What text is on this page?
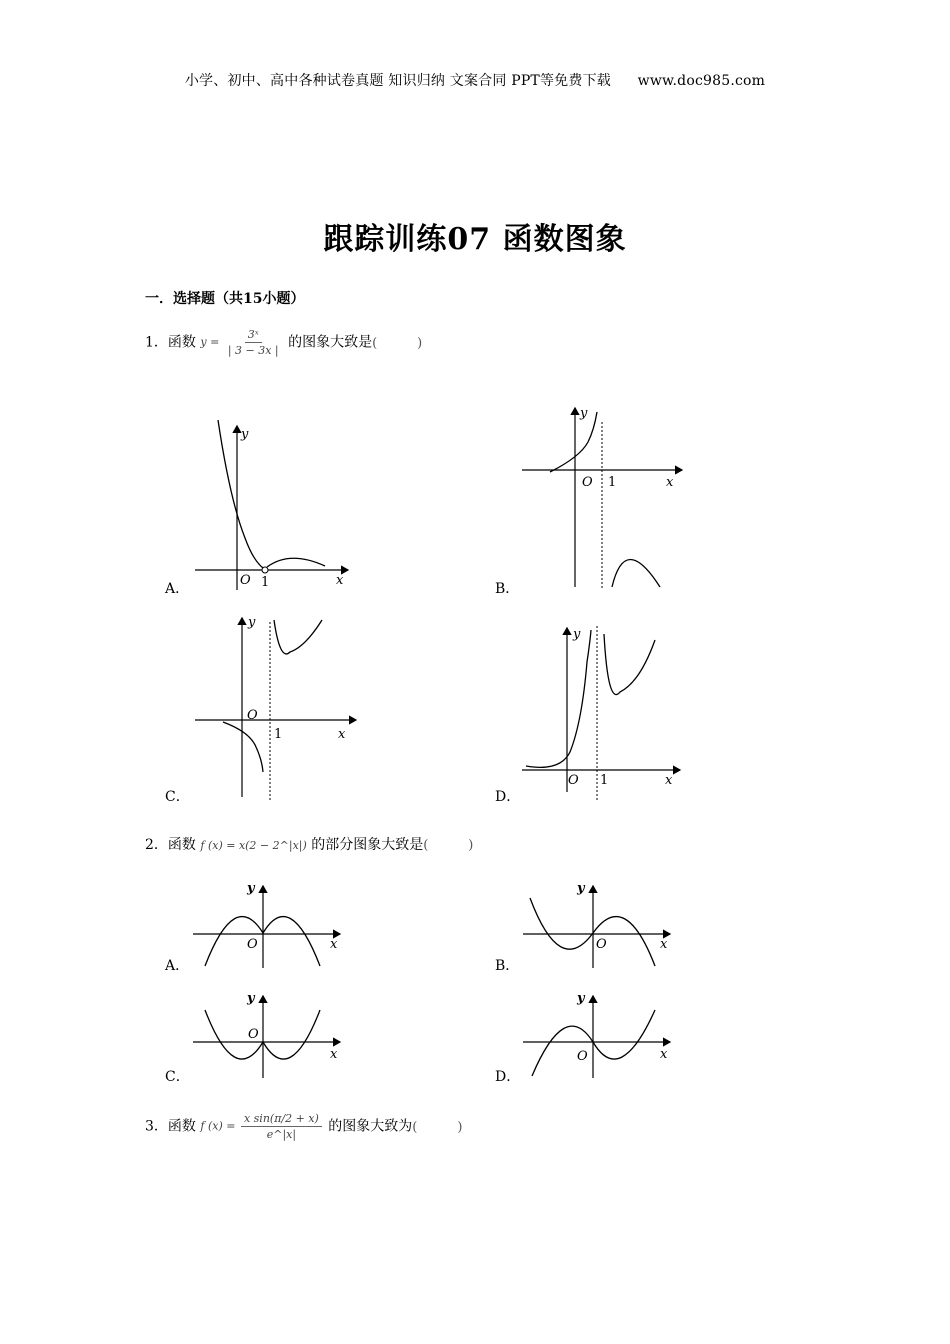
小学、初中、高中各种试卷真题 知识归纳 文案合同 PPT等免费下载 www.doc985.com
跟踪训练07 函数图象
一．选择题（共15小题）
1．函数 $y = \frac{\text{3ˣ}}{| 3 - 3x |}$ 的图象大致是(	)
A．
y
O 1	x
B．
y
O 1	x
C．
y
O
1	x
D．
y
O 1	x
2．函数 f (x) = x(2 − 2^|x|) 的部分图象大致是(	)
A．
y
O	x
B．
y
O	x
C．
y
O
x
D．
y
O	x
3．函数 f $(x) = \frac{\text{x sin(π/2 + x)}}{e\^{}|x|}$ 的图象大致为(	)
